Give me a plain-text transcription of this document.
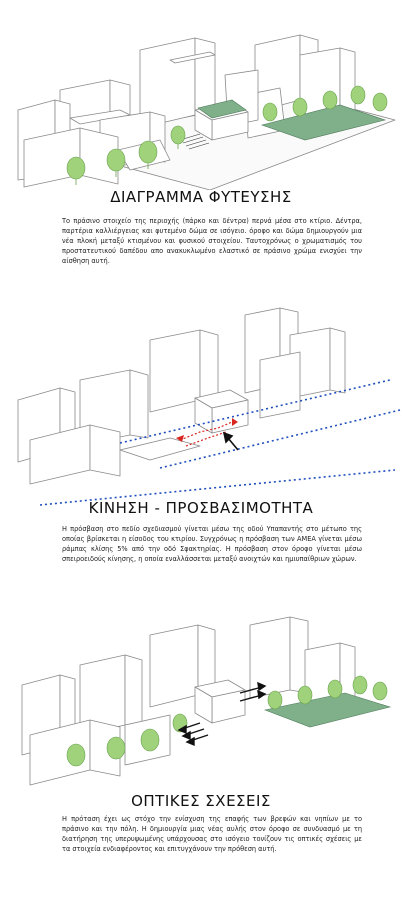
ΔΙΑΓΡΑΜΜΑ ΦΥΤΕΥΣΗΣ
Το πράσινο στοιχείο της περιοχής (πάρκο και δέντρα) περνά μέσα στο κτίριο. Δέντρα, παρτέρια καλλιέργειας και φυτεμένο δώμα σε ισόγειο. όροφο και δώμα δημιουργούν μια νέα πλοκή μεταξύ κτισμένου και φυσικού στοιχείου. Ταυτοχρόνως ο χρωματισμός του προστατευτικού δαπέδου απο ανακυκλωμένο ελαστικό σε πράσινο χρώμα ενισχύει την αίσθηση αυτή.
ΚΙΝΗΣΗ - ΠΡΟΣΒΑΣΙΜΟΤΗΤΑ
Η πρόσβαση στο πεδίο σχεδιασμού γίνεται μέσω της οδού Υπαπαντής στο μέτωπο της οποίας βρίσκεται η είσοδος του κτιρίου. Συγχρόνως η πρόσβαση των ΑΜΕΑ γίνεται μέσω ράμπας κλίσης 5% από την οδό Σφακτηρίας. Η πρόσβαση στον όροφο γίνεται μέσω σπειροειδούς κίνησης, η οποία εναλλάσσεται μεταξύ ανοιχτών και ημιυπαίθριων χώρων.
ΟΠΤΙΚΕΣ ΣΧΕΣΕΙΣ
Η πρόταση έχει ως στόχο την ενίσχυση της επαφής των βρεφών και νηπίων με το πράσινο και την πόλη. Η δημιουργία μιας νέας αυλής στον όροφο σε συνδυασμό με τη διατήρηση της υπερυψωμένης υπάρχουσας στο ισόγειο τονίζουν τις οπτικές σχέσεις με τα στοιχεία ενδιαφέροντος και επιτυγχάνουν την πρόθεση αυτή.
